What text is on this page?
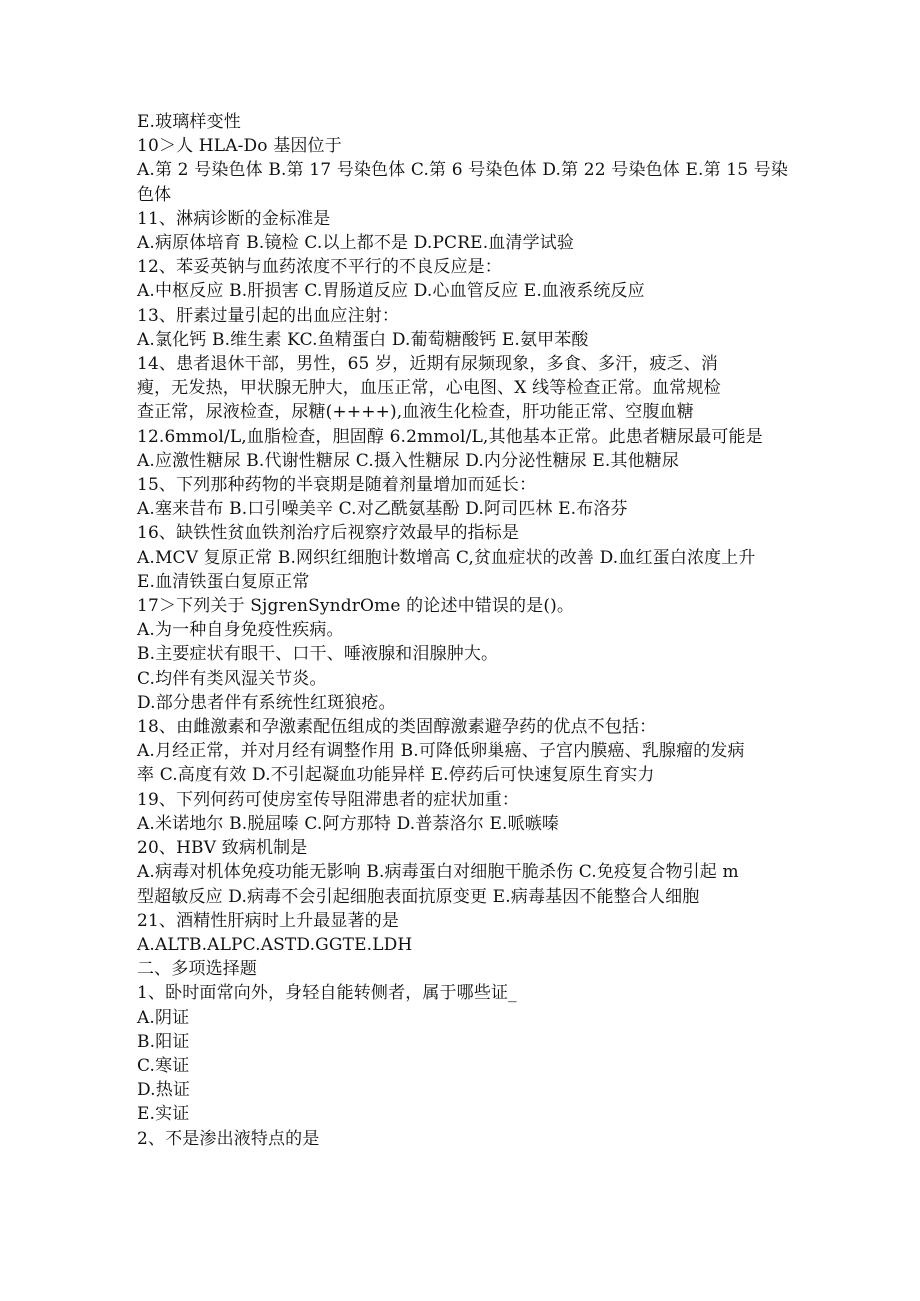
E.玻璃样变性
10＞人 HLA-Do 基因位于
A.第 2 号染色体 B.第 17 号染色体 C.第 6 号染色体 D.第 22 号染色体 E.第 15 号染
色体
11、淋病诊断的金标准是
A.病原体培育 B.镜检 C.以上都不是 D.PCRE.血清学试验
12、苯妥英钠与血药浓度不平行的不良反应是：
A.中枢反应 B.肝损害 C.胃肠道反应 D.心血管反应 E.血液系统反应
13、肝素过量引起的出血应注射：
A.氯化钙 B.维生素 KC.鱼精蛋白 D.葡萄糖酸钙 E.氨甲苯酸
14、患者退休干部，男性，65 岁，近期有尿频现象，多食、多汗，疲乏、消
瘦，无发热，甲状腺无肿大，血压正常，心电图、X 线等检查正常。血常规检
查正常，尿液检查，尿糖(++++),血液生化检查，肝功能正常、空腹血糖
12.6mmol∕L,血脂检查，胆固醇 6.2mmol∕L,其他基本正常。此患者糖尿最可能是
A.应激性糖尿 B.代谢性糖尿 C.摄入性糖尿 D.内分泌性糖尿 E.其他糖尿
15、下列那种药物的半衰期是随着剂量增加而延长：
A.塞来昔布 B.口引噪美辛 C.对乙酰氨基酚 D.阿司匹林 E.布洛芬
16、缺铁性贫血铁剂治疗后视察疗效最早的指标是
A.MCV 复原正常 B.网织红细胞计数增高 C,贫血症状的改善 D.血红蛋白浓度上升
E.血清铁蛋白复原正常
17＞下列关于 SjgrenSyndrOme 的论述中错误的是()。
A.为一种自身免疫性疾病。
B.主要症状有眼干、口干、唾液腺和泪腺肿大。
C.均伴有类风湿关节炎。
D.部分患者伴有系统性红斑狼疮。
18、由雌激素和孕激素配伍组成的类固醇激素避孕药的优点不包括：
A.月经正常，并对月经有调整作用 B.可降低卵巢癌、子宫内膜癌、乳腺瘤的发病
率 C.高度有效 D.不引起凝血功能异样 E.停药后可快速复原生育实力
19、下列何药可使房室传导阻滞患者的症状加重：
A.米诺地尔 B.脱屈嗪 C.阿方那特 D.普萘洛尔 E.哌嗾嗪
20、HBV 致病机制是
A.病毒对机体免疫功能无影响 B.病毒蛋白对细胞干脆杀伤 C.免疫复合物引起 m
型超敏反应 D.病毒不会引起细胞表面抗原变更 E.病毒基因不能整合人细胞
21、酒精性肝病时上升最显著的是
A.ALTB.ALPC.ASTD.GGTE.LDH
二、多项选择题
1、卧时面常向外，身轻自能转侧者，属于哪些证_
A.阴证
B.阳证
C.寒证
D.热证
E.实证
2、不是渗出液特点的是
